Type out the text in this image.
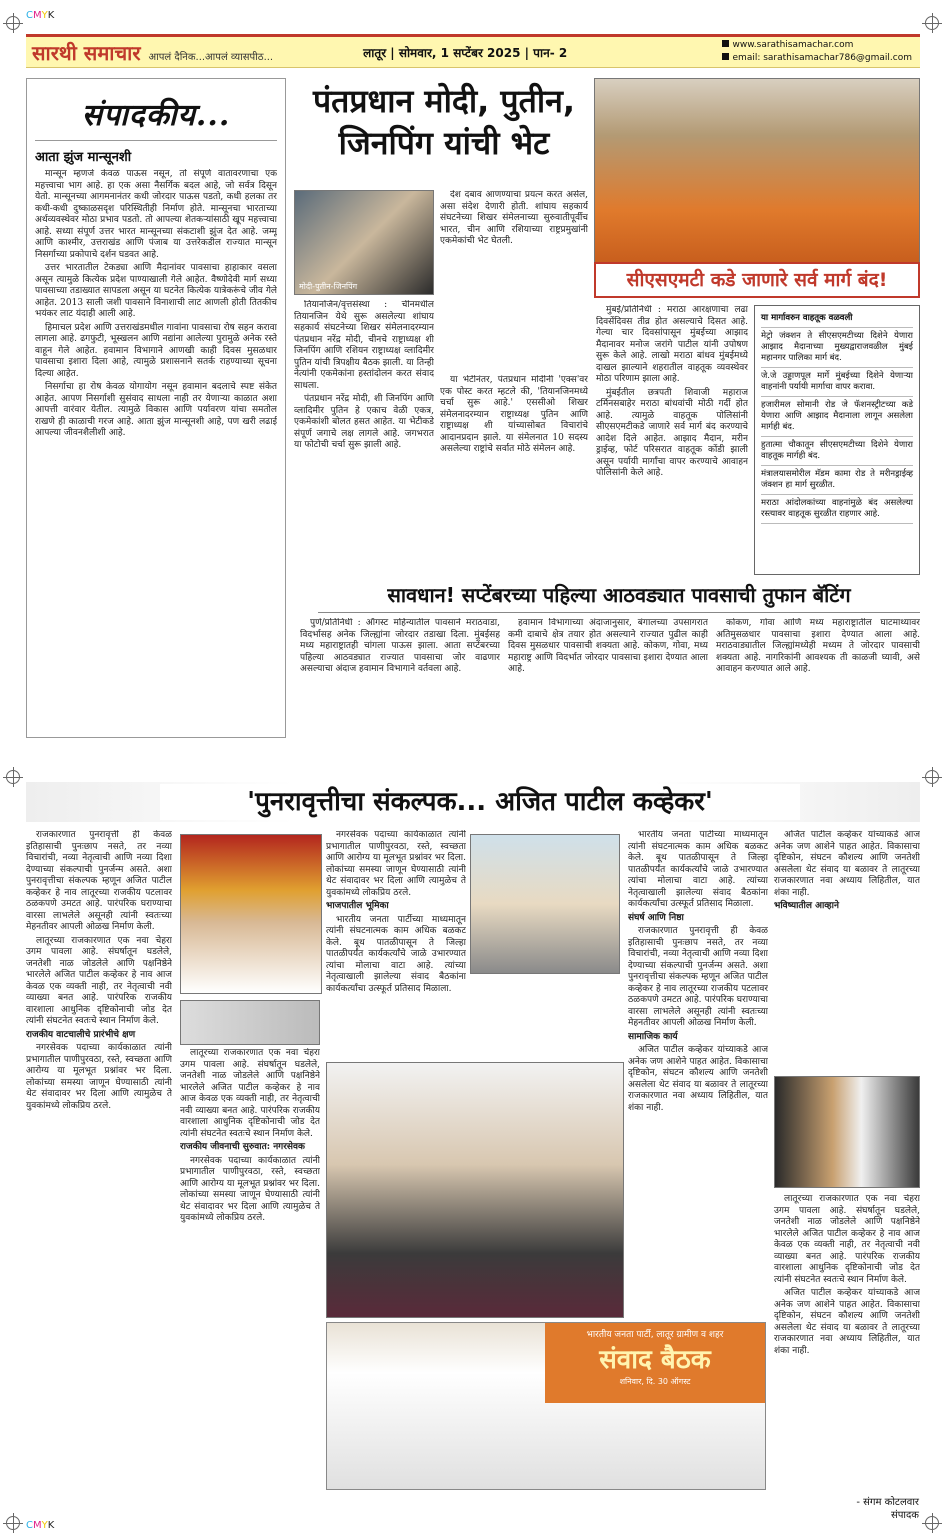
CMYK
CMYK
सारथी समाचार आपलं दैनिक...आपलं व्यासपीठ...	लातूर | सोमवार, 1 सप्टेंबर 2025 | पान- 2
www.sarathisamachar.com
email: sarathisamachar786@gmail.com
संपादकीय...
आता झुंज मान्सूनशी

मान्सून म्हणजे केवळ पाऊस नसून, तो संपूर्ण वातावरणाचा एक महत्त्वाचा भाग आहे. हा एक असा नैसर्गिक बदल आहे, जो सर्वत्र दिसून येतो. मान्सूनच्या आगमनानंतर कधी जोरदार पाऊस पडतो, कधी हलका तर कधी-कधी दुष्काळसदृश परिस्थितीही निर्माण होते. मान्सूनचा भारताच्या अर्थव्यवस्थेवर मोठा प्रभाव पडतो. तो आपल्या शेतकऱ्यांसाठी खूप महत्त्वाचा आहे. सध्या संपूर्ण उत्तर भारत मान्सूनच्या संकटाशी झुंज देत आहे. जम्मू आणि काश्मीर, उत्तराखंड आणि पंजाब या उत्तरेकडील राज्यात मान्सून निसर्गाच्या प्रकोपाचे दर्शन घडवत आहे.

उत्तर भारतातील टेकड्या आणि मैदानांवर पावसाचा हाहाकार वसला असून त्यामुळे कित्येक प्रदेश पाण्याखाली गेले आहेत. वैष्णोदेवी मार्ग सध्या पावसाच्या तडाख्यात सापडला असून या घटनेत कित्येक यात्रेकरूंचे जीव गेले आहेत. 2013 साली जशी पावसाने विनाशाची लाट आणली होती तितकीच भयंकर लाट यंदाही आली आहे.

हिमाचल प्रदेश आणि उत्तराखंडमधील गावांना पावसाचा रोष सहन करावा लागला आहे. ढगफुटी, भूस्खलन आणि नद्यांना आलेल्या पुरामुळे अनेक रस्ते वाहून गेले आहेत. हवामान विभागाने आणखी काही दिवस मुसळधार पावसाचा इशारा दिला आहे, त्यामुळे प्रशासनाने सतर्क राहण्याच्या सूचना दिल्या आहेत.

निसर्गाचा हा रोष केवळ योगायोग नसून हवामान बदलाचे स्पष्ट संकेत आहेत. आपण निसर्गाशी सुसंवाद साधला नाही तर येणाऱ्या काळात अशा आपत्ती वारंवार येतील. त्यामुळे विकास आणि पर्यावरण यांचा समतोल राखणे ही काळाची गरज आहे. आता झुंज मान्सूनशी आहे, पण खरी लढाई आपल्या जीवनशैलीशी आहे.

पंतप्रधान मोदी, पुतीन, जिनपिंग यांची भेट
मोदी-पुतीन-जिनपिंग

देश दबाव आणण्याचा प्रयत्न करत असेल, असा संदेश देणारी होती. शांघाय सहकार्य संघटनेच्या शिखर संमेलनाच्या सुरुवातीपूर्वीच भारत, चीन आणि रशियाच्या राष्ट्रप्रमुखांनी एकमेकांची भेट घेतली.

तियानजिन/वृत्तसंस्था : चीनमधील तियानजिन येथे सुरू असलेल्या शांघाय सहकार्य संघटनेच्या शिखर संमेलनादरम्यान पंतप्रधान नरेंद्र मोदी, चीनचे राष्ट्राध्यक्ष शी जिनपिंग आणि रशियन राष्ट्राध्यक्ष व्लादिमीर पुतिन यांची त्रिपक्षीय बैठक झाली. या तिन्ही नेत्यांनी एकमेकांना हस्तांदोलन करत संवाद साधला.

पंतप्रधान नरेंद्र मोदी, शी जिनपिंग आणि व्लादिमीर पुतिन हे एकाच वेळी एकत्र, एकमेकांशी बोलत हसत आहेत. या भेटीकडे संपूर्ण जगाचे लक्ष लागले आहे. जगभरात या फोटोची चर्चा सुरू झाली आहे.

या भेटीनंतर, पंतप्रधान मोदींनी 'एक्स'वर एक पोस्ट करत म्हटले की, 'तियानजिनमध्ये चर्चा सुरू आहे.' एससीओ शिखर संमेलनादरम्यान राष्ट्राध्यक्ष पुतिन आणि राष्ट्राध्यक्ष शी यांच्यासोबत विचारांचे आदानप्रदान झाले. या संमेलनात 10 सदस्य असलेल्या राष्ट्रांचे सर्वात मोठे संमेलन आहे.

सीएसएमटी कडे जाणारे सर्व मार्ग बंद!

मुंबई/प्रतिनिधी : मराठा आरक्षणाचा लढा दिवसेंदिवस तीव्र होत असल्याचे दिसत आहे. गेल्या चार दिवसांपासून मुंबईच्या आझाद मैदानावर मनोज जरांगे पाटील यांनी उपोषण सुरू केले आहे. लाखो मराठा बांधव मुंबईमध्ये दाखल झाल्याने शहरातील वाहतूक व्यवस्थेवर मोठा परिणाम झाला आहे.

मुंबईतील छत्रपती शिवाजी महाराज टर्मिनसबाहेर मराठा बांधवांची मोठी गर्दी होत आहे. त्यामुळे वाहतूक पोलिसांनी सीएसएमटीकडे जाणारे सर्व मार्ग बंद करण्याचे आदेश दिले आहेत. आझाद मैदान, मरीन ड्राईव्ह, फोर्ट परिसरात वाहतूक कोंडी झाली असून पर्यायी मार्गांचा वापर करण्याचे आवाहन पोलिसांनी केले आहे.

या मार्गावरुन वाहतूक वळवली
मेट्रो जंक्शन ते सीएसएमटीच्या दिशेने येणारा आझाद मैदानाच्या मुख्यद्वाराजवळील मुंबई महानगर पालिका मार्ग बंद.
जे.जे उड्डाणपूल मार्गे मुंबईच्या दिशेने येणाऱ्या वाहनांनी पर्यायी मार्गाचा वापर करावा.
हजारीमल सोमानी रोड जे फॅशनस्ट्रीटच्या कडे येणारा आणि आझाद मैदानाला लागून असलेला मार्गही बंद.
हुतात्मा चौकातून सीएसएमटीच्या दिशेने येणारा वाहतूक मार्गही बंद.
मंत्रालयासमोरील मॅडम कामा रोड ते मरीनड्राईव्ह जंक्शन हा मार्ग सुरळीत.
मराठा आंदोलकांच्या वाहनांमुळे बंद असलेल्या रस्त्यावर वाहतूक सुरळीत राहणार आहे.
सावधान! सप्टेंबरच्या पहिल्या आठवड्यात पावसाची तुफान बॅटिंग

पुणे/प्रतिनिधी : ऑगस्ट महिन्यातील पावसाने मराठवाडा, विदर्भासह अनेक जिल्ह्यांना जोरदार तडाखा दिला. मुंबईसह मध्य महाराष्ट्रातही चांगला पाऊस झाला. आता सप्टेंबरच्या पहिल्या आठवड्यात राज्यात पावसाचा जोर वाढणार असल्याचा अंदाज हवामान विभागाने वर्तवला आहे.

हवामान विभागाच्या अंदाजानुसार, बंगालच्या उपसागरात कमी दाबाचे क्षेत्र तयार होत असल्याने राज्यात पुढील काही दिवस मुसळधार पावसाची शक्यता आहे. कोकण, गोवा, मध्य महाराष्ट्र आणि विदर्भात जोरदार पावसाचा इशारा देण्यात आला आहे.

कोकण, गोवा आणि मध्य महाराष्ट्रातील घाटमाथ्यावर अतिमुसळधार पावसाचा इशारा देण्यात आला आहे. मराठवाड्यातील जिल्ह्यांमध्येही मध्यम ते जोरदार पावसाची शक्यता आहे. नागरिकांनी आवश्यक ती काळजी घ्यावी, असे आवाहन करण्यात आले आहे.

'पुनरावृत्तीचा संकल्पक... अजित पाटील कव्हेकर'

राजकारणात पुनरावृत्ती ही केवळ इतिहासाची पुनःछाप नसते, तर नव्या विचारांची, नव्या नेतृत्वाची आणि नव्या दिशा देण्याच्या संकल्पाची पुनर्जन्म असते. अशा पुनरावृत्तीचा संकल्पक म्हणून अजित पाटील कव्हेकर हे नाव लातूरच्या राजकीय पटलावर ठळकपणे उमटत आहे. पारंपरिक घराण्याचा वारसा लाभलेले असूनही त्यांनी स्वतःच्या मेहनतीवर आपली ओळख निर्माण केली.

लातूरच्या राजकारणात एक नवा चेहरा उगम पावला आहे. संघर्षातून घडलेले, जनतेशी नाळ जोडलेले आणि पक्षनिष्ठेने भारलेले अजित पाटील कव्हेकर हे नाव आज केवळ एक व्यक्ती नाही, तर नेतृत्वाची नवी व्याख्या बनत आहे. पारंपरिक राजकीय वारशाला आधुनिक दृष्टिकोनाची जोड देत त्यांनी संघटनेत स्वतःचे स्थान निर्माण केले.

राजकीय वाटचालीचे प्रारंभीचे क्षण

नगरसेवक पदाच्या कार्यकाळात त्यांनी प्रभागातील पाणीपुरवठा, रस्ते, स्वच्छता आणि आरोग्य या मूलभूत प्रश्नांवर भर दिला. लोकांच्या समस्या जाणून घेण्यासाठी त्यांनी थेट संवादावर भर दिला आणि त्यामुळेच ते युवकांमध्ये लोकप्रिय ठरले.

लातूरच्या राजकारणात एक नवा चेहरा उगम पावला आहे. संघर्षातून घडलेले, जनतेशी नाळ जोडलेले आणि पक्षनिष्ठेने भारलेले अजित पाटील कव्हेकर हे नाव आज केवळ एक व्यक्ती नाही, तर नेतृत्वाची नवी व्याख्या बनत आहे. पारंपरिक राजकीय वारशाला आधुनिक दृष्टिकोनाची जोड देत त्यांनी संघटनेत स्वतःचे स्थान निर्माण केले.

राजकीय जीवनाची सुरुवात: नगरसेवक

नगरसेवक पदाच्या कार्यकाळात त्यांनी प्रभागातील पाणीपुरवठा, रस्ते, स्वच्छता आणि आरोग्य या मूलभूत प्रश्नांवर भर दिला. लोकांच्या समस्या जाणून घेण्यासाठी त्यांनी थेट संवादावर भर दिला आणि त्यामुळेच ते युवकांमध्ये लोकप्रिय ठरले.

नगरसेवक पदाच्या कार्यकाळात त्यांनी प्रभागातील पाणीपुरवठा, रस्ते, स्वच्छता आणि आरोग्य या मूलभूत प्रश्नांवर भर दिला. लोकांच्या समस्या जाणून घेण्यासाठी त्यांनी थेट संवादावर भर दिला आणि त्यामुळेच ते युवकांमध्ये लोकप्रिय ठरले.

भाजपातील भूमिका

भारतीय जनता पार्टीच्या माध्यमातून त्यांनी संघटनात्मक काम अधिक बळकट केले. बूथ पातळीपासून ते जिल्हा पातळीपर्यंत कार्यकर्त्यांचे जाळे उभारण्यात त्यांचा मोलाचा वाटा आहे. त्यांच्या नेतृत्वाखाली झालेल्या संवाद बैठकांना कार्यकर्त्यांचा उत्स्फूर्त प्रतिसाद मिळाला.

भारतीय जनता पार्टीच्या माध्यमातून त्यांनी संघटनात्मक काम अधिक बळकट केले. बूथ पातळीपासून ते जिल्हा पातळीपर्यंत कार्यकर्त्यांचे जाळे उभारण्यात त्यांचा मोलाचा वाटा आहे. त्यांच्या नेतृत्वाखाली झालेल्या संवाद बैठकांना कार्यकर्त्यांचा उत्स्फूर्त प्रतिसाद मिळाला.

संघर्ष आणि निष्ठा

राजकारणात पुनरावृत्ती ही केवळ इतिहासाची पुनःछाप नसते, तर नव्या विचारांची, नव्या नेतृत्वाची आणि नव्या दिशा देण्याच्या संकल्पाची पुनर्जन्म असते. अशा पुनरावृत्तीचा संकल्पक म्हणून अजित पाटील कव्हेकर हे नाव लातूरच्या राजकीय पटलावर ठळकपणे उमटत आहे. पारंपरिक घराण्याचा वारसा लाभलेले असूनही त्यांनी स्वतःच्या मेहनतीवर आपली ओळख निर्माण केली.

सामाजिक कार्य

अजित पाटील कव्हेकर यांच्याकडे आज अनेक जण आशेने पाहत आहेत. विकासाचा दृष्टिकोन, संघटन कौशल्य आणि जनतेशी असलेला थेट संवाद या बळावर ते लातूरच्या राजकारणात नवा अध्याय लिहितील, यात शंका नाही.

अजित पाटील कव्हेकर यांच्याकडे आज अनेक जण आशेने पाहत आहेत. विकासाचा दृष्टिकोन, संघटन कौशल्य आणि जनतेशी असलेला थेट संवाद या बळावर ते लातूरच्या राजकारणात नवा अध्याय लिहितील, यात शंका नाही.

भविष्यातील आव्हाने

लातूरच्या राजकारणात एक नवा चेहरा उगम पावला आहे. संघर्षातून घडलेले, जनतेशी नाळ जोडलेले आणि पक्षनिष्ठेने भारलेले अजित पाटील कव्हेकर हे नाव आज केवळ एक व्यक्ती नाही, तर नेतृत्वाची नवी व्याख्या बनत आहे. पारंपरिक राजकीय वारशाला आधुनिक दृष्टिकोनाची जोड देत त्यांनी संघटनेत स्वतःचे स्थान निर्माण केले.

अजित पाटील कव्हेकर यांच्याकडे आज अनेक जण आशेने पाहत आहेत. विकासाचा दृष्टिकोन, संघटन कौशल्य आणि जनतेशी असलेला थेट संवाद या बळावर ते लातूरच्या राजकारणात नवा अध्याय लिहितील, यात शंका नाही.

भारतीय जनता पार्टी, लातूर ग्रामीण व शहर
संवाद बैठक
शनिवार, दि. 30 ऑगस्ट
- संगम कोटलवार
संपादक
